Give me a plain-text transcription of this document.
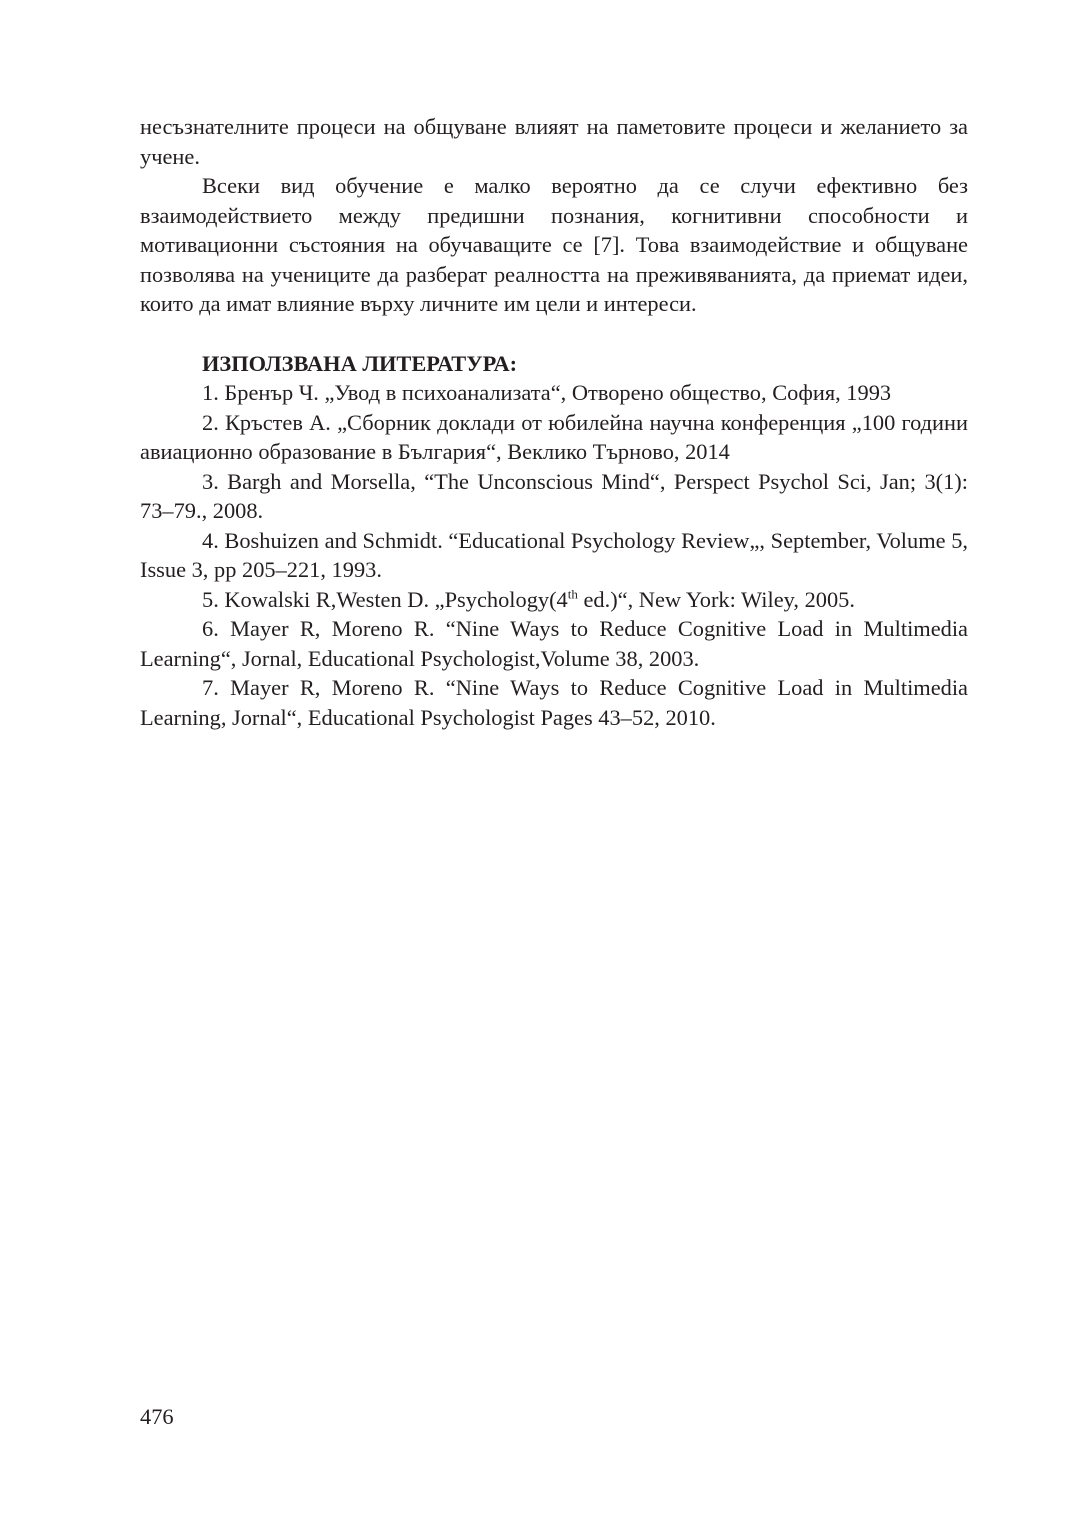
несъзнателните процеси на общуване влияят на паметовите процеси и желанието за учене.

Всеки вид обучение е малко вероятно да се случи ефективно без взаимодействието между предишни познания, когнитивни способности и мотивационни състояния на обучаващите се [7]. Това взаимодействие и общуване позволява на учениците да разберат реалността на преживяванията, да приемат идеи, които да имат влияние върху личните им цели и интереси.

ИЗПОЛЗВАНА ЛИТЕРАТУРА:

1. Бренър Ч. „Увод в психоанализата“, Отворено общество, София, 1993
2. Кръстев А. „Сборник доклади от юбилейна научна конференция „100 години авиационно образование в България“, Веклико Търново, 2014
3. Bargh and Morsella, “The Unconscious Mind“, Perspect Psychol Sci, Jan; 3(1): 73–79., 2008.
4. Boshuizen and Schmidt. “Educational Psychology Review„, September, Volume 5, Issue 3, pp 205–221, 1993.
5. Kowalski R,Westen D. „Psychology(4th ed.)“, New York: Wiley, 2005.
6. Mayer R, Moreno R. “Nine Ways to Reduce Cognitive Load in Multimedia Learning“, Jornal, Educational Psychologist,Volume 38, 2003.
7. Mayer R, Moreno R. “Nine Ways to Reduce Cognitive Load in Multimedia Learning, Jornal“, Educational Psychologist Pages 43–52, 2010.
476
